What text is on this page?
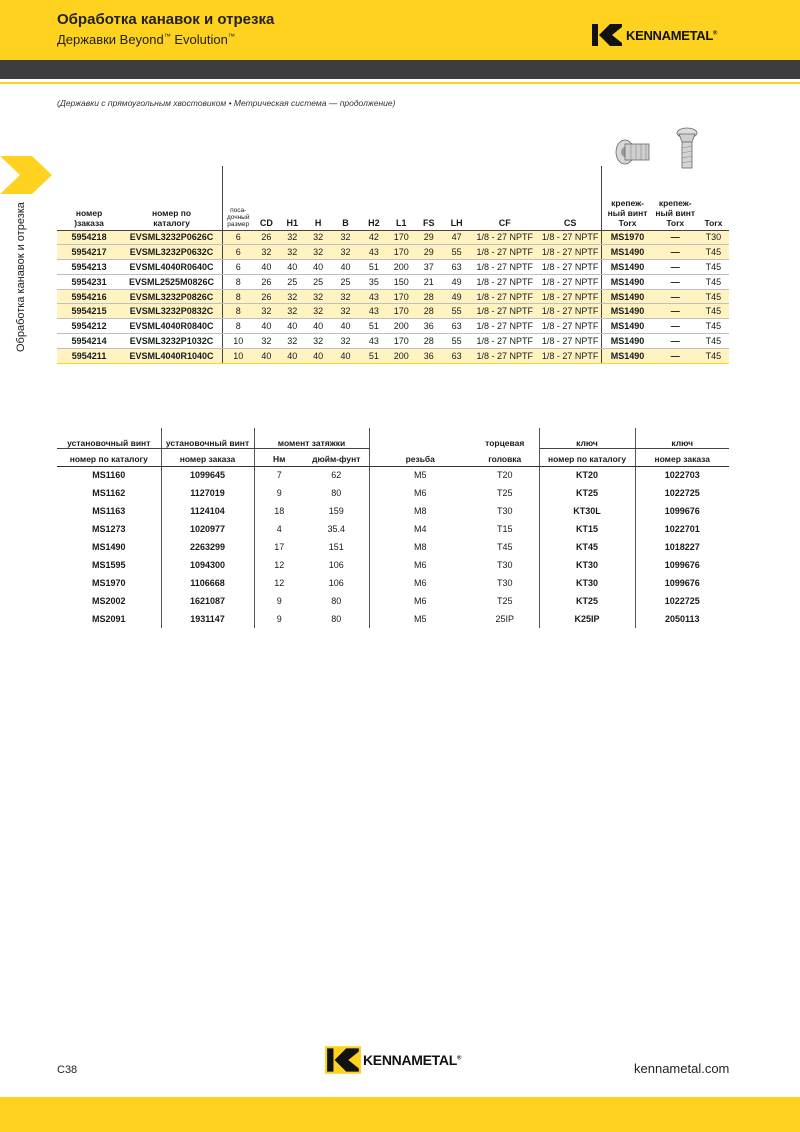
Обработка канавок и отрезка
Державки Beyond™ Evolution™	KENNAMETAL®
(Державки с прямоугольным хвостовиком • Метрическая система — продолжение)
Обработка канавок и отрезка	номер
)заказа	номер по
каталогу	поса-
дочный
размер	CD	H1	H	B	H2	L1	FS	LH	CF	CS	крепеж-
ный винт
Torx	крепеж-
ный винт
Torx	Torx
5954218	EVSML3232P0626C	6	26	32	32	32	42	170	29	47	1/8 - 27 NPTF	1/8 - 27 NPTF	MS1970	—	T30
5954217	EVSML3232P0632C	6	32	32	32	32	43	170	29	55	1/8 - 27 NPTF	1/8 - 27 NPTF	MS1490	—	T45
5954213	EVSML4040R0640C	6	40	40	40	40	51	200	37	63	1/8 - 27 NPTF	1/8 - 27 NPTF	MS1490	—	T45
5954231	EVSML2525M0826C	8	26	25	25	25	35	150	21	49	1/8 - 27 NPTF	1/8 - 27 NPTF	MS1490	—	T45
5954216	EVSML3232P0826C	8	26	32	32	32	43	170	28	49	1/8 - 27 NPTF	1/8 - 27 NPTF	MS1490	—	T45
5954215	EVSML3232P0832C	8	32	32	32	32	43	170	28	55	1/8 - 27 NPTF	1/8 - 27 NPTF	MS1490	—	T45
5954212	EVSML4040R0840C	8	40	40	40	40	51	200	36	63	1/8 - 27 NPTF	1/8 - 27 NPTF	MS1490	—	T45
5954214	EVSML3232P1032C	10	32	32	32	32	43	170	28	55	1/8 - 27 NPTF	1/8 - 27 NPTF	MS1490	—	T45
5954211	EVSML4040R1040C	10	40	40	40	40	51	200	36	63	1/8 - 27 NPTF	1/8 - 27 NPTF	MS1490	—	T45
установочный винт	установочный винт	момент затяжки			торцевая	ключ	ключ
номер по каталогу	номер заказа	Нм	дюйм-фунт	резьба	головка	номер по каталогу	номер заказа
MS1160	1099645	7	62	M5	T20	KT20	1022703
MS1162	1127019	9	80	M6	T25	KT25	1022725
MS1163	1124104	18	159	M8	T30	KT30L	1099676
MS1273	1020977	4	35.4	M4	T15	KT15	1022701
MS1490	2263299	17	151	M8	T45	KT45	1018227
MS1595	1094300	12	106	M6	T30	KT30	1099676
MS1970	1106668	12	106	M6	T30	KT30	1099676
MS2002	1621087	9	80	M6	T25	KT25	1022725
MS2091	1931147	9	80	M5	25IP	K25IP	2050113
C38
KENNAMETAL®
kennametal.com
